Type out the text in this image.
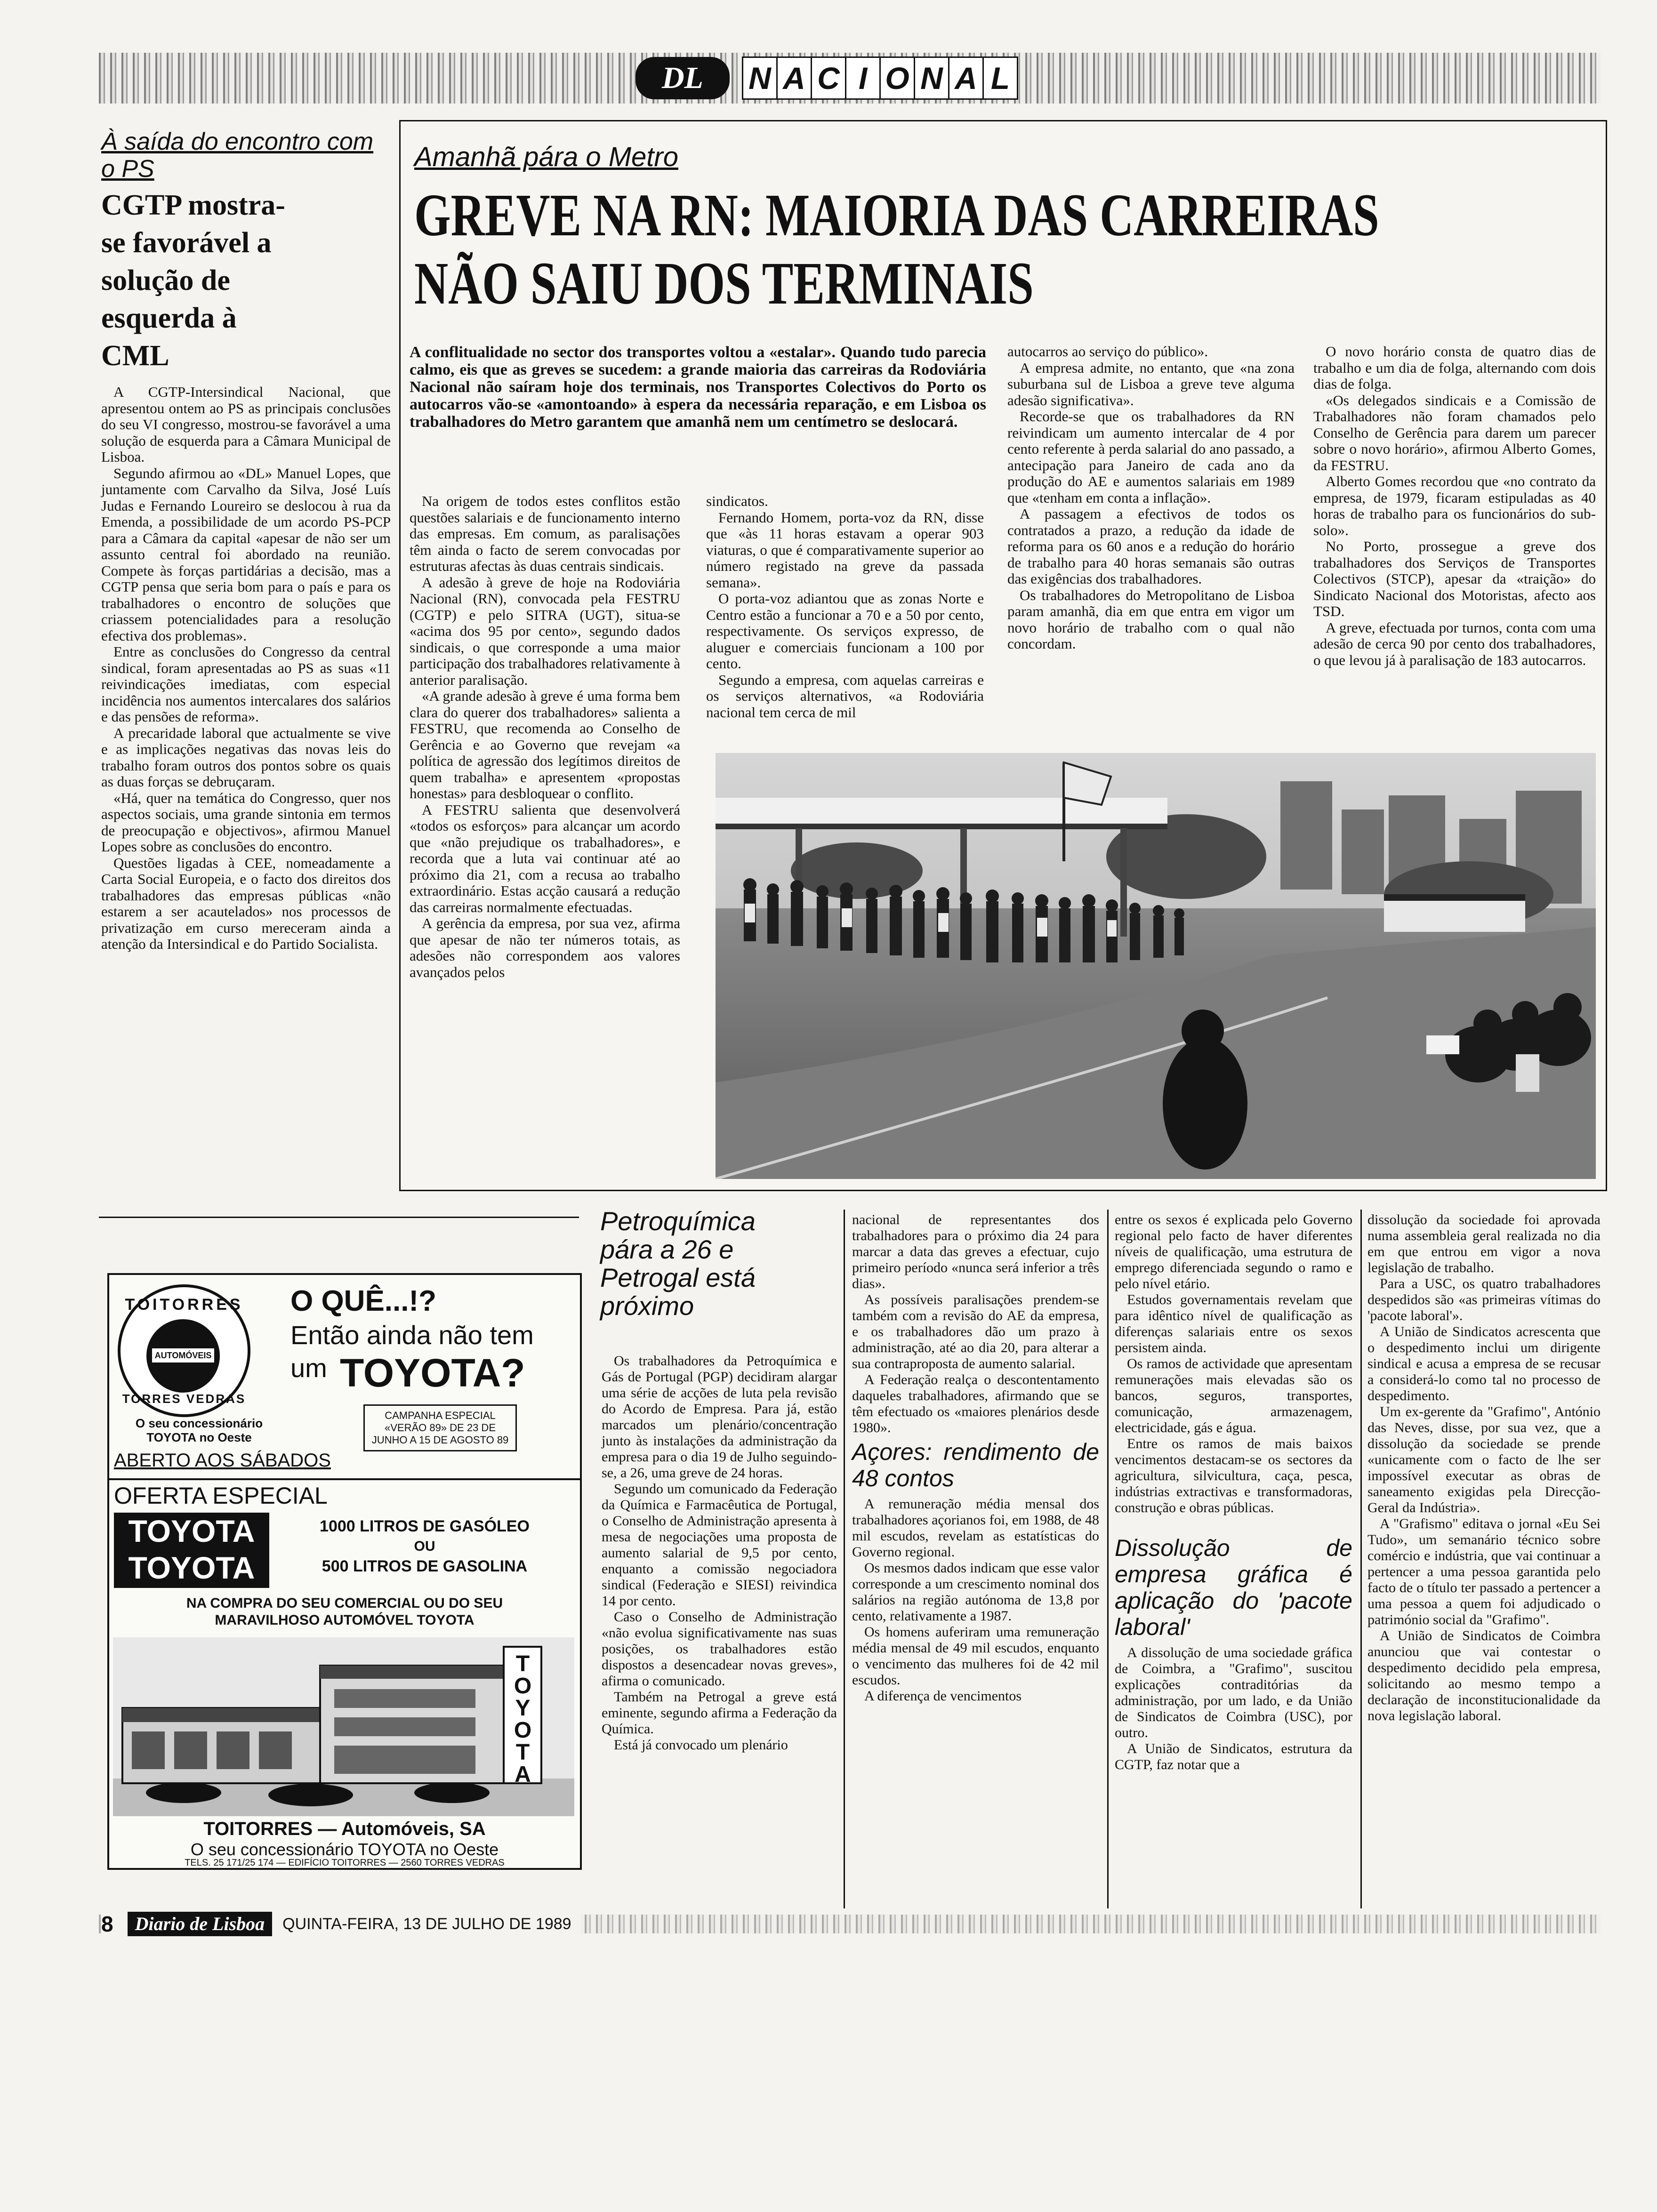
DL	N A C I O N A L
À saída do encontro com o PS
CGTP mostra-se favorável a solução de esquerda à CML

A CGTP-Intersindical Nacional, que apresentou ontem ao PS as principais conclusões do seu VI congresso, mostrou-se favorável a uma solução de esquerda para a Câmara Municipal de Lisboa.

Segundo afirmou ao «DL» Manuel Lopes, que juntamente com Carvalho da Silva, José Luís Judas e Fernando Loureiro se deslocou à rua da Emenda, a possibilidade de um acordo PS-PCP para a Câmara da capital «apesar de não ser um assunto central foi abordado na reunião. Compete às forças partidárias a decisão, mas a CGTP pensa que seria bom para o país e para os trabalhadores o encontro de soluções que criassem potencialidades para a resolução efectiva dos problemas».

Entre as conclusões do Congresso da central sindical, foram apresentadas ao PS as suas «11 reivindicações imediatas, com especial incidência nos aumentos intercalares dos salários e das pensões de reforma».

A precaridade laboral que actualmente se vive e as implicações negativas das novas leis do trabalho foram outros dos pontos sobre os quais as duas forças se debruçaram.

«Há, quer na temática do Congresso, quer nos aspectos sociais, uma grande sintonia em termos de preocupação e objectivos», afirmou Manuel Lopes sobre as conclusões do encontro.

Questões ligadas à CEE, nomeadamente a Carta Social Europeia, e o facto dos direitos dos trabalhadores das empresas públicas «não estarem a ser acautelados» nos processos de privatização em curso mereceram ainda a atenção da Intersindical e do Partido Socialista.

Amanhã pára o Metro
GREVE NA RN: MAIORIA DAS CARREIRAS
NÃO SAIU DOS TERMINAIS

A conflitualidade no sector dos transportes voltou a «estalar». Quando tudo parecia calmo, eis que as greves se sucedem: a grande maioria das carreiras da Rodoviária Nacional não saíram hoje dos terminais, nos Transportes Colectivos do Porto os autocarros vão-se «amontoando» à espera da necessária reparação, e em Lisboa os trabalhadores do Metro garantem que amanhã nem um centímetro se deslocará.

Na origem de todos estes conflitos estão questões salariais e de funcionamento interno das empresas. Em comum, as paralisações têm ainda o facto de serem convocadas por estruturas afectas às duas centrais sindicais.

A adesão à greve de hoje na Rodoviária Nacional (RN), convocada pela FESTRU (CGTP) e pelo SITRA (UGT), situa-se «acima dos 95 por cento», segundo dados sindicais, o que corresponde a uma maior participação dos trabalhadores relativamente à anterior paralisação.

«A grande adesão à greve é uma forma bem clara do querer dos trabalhadores» salienta a FESTRU, que recomenda ao Conselho de Gerência e ao Governo que revejam «a política de agressão dos legítimos direitos de quem trabalha» e apresentem «propostas honestas» para desbloquear o conflito.

A FESTRU salienta que desenvolverá «todos os esforços» para alcançar um acordo que «não prejudique os trabalhadores», e recorda que a luta vai continuar até ao próximo dia 21, com a recusa ao trabalho extraordinário. Estas acção causará a redução das carreiras normalmente efectuadas.

A gerência da empresa, por sua vez, afirma que apesar de não ter números totais, as adesões não correspondem aos valores avançados pelos

sindicatos.

Fernando Homem, porta-voz da RN, disse que «às 11 horas estavam a operar 903 viaturas, o que é comparativamente superior ao número registado na greve da passada semana».

O porta-voz adiantou que as zonas Norte e Centro estão a funcionar a 70 e a 50 por cento, respectivamente. Os serviços expresso, de aluguer e comerciais funcionam a 100 por cento.

Segundo a empresa, com aquelas carreiras e os serviços alternativos, «a Rodoviária nacional tem cerca de mil

autocarros ao serviço do público».

A empresa admite, no entanto, que «na zona suburbana sul de Lisboa a greve teve alguma adesão significativa».

Recorde-se que os trabalhadores da RN reivindicam um aumento intercalar de 4 por cento referente à perda salarial do ano passado, a antecipação para Janeiro de cada ano da produção do AE e aumentos salariais em 1989 que «tenham em conta a inflação».

A passagem a efectivos de todos os contratados a prazo, a redução da idade de reforma para os 60 anos e a redução do horário de trabalho para 40 horas semanais são outras das exigências dos trabalhadores.

Os trabalhadores do Metropolitano de Lisboa param amanhã, dia em que entra em vigor um novo horário de trabalho com o qual não concordam.

O novo horário consta de quatro dias de trabalho e um dia de folga, alternando com dois dias de folga.

«Os delegados sindicais e a Comissão de Trabalhadores não foram chamados pelo Conselho de Gerência para darem um parecer sobre o novo horário», afirmou Alberto Gomes, da FESTRU.

Alberto Gomes recordou que «no contrato da empresa, de 1979, ficaram estipuladas as 40 horas de trabalho para os funcionários do sub-solo».

No Porto, prossegue a greve dos trabalhadores dos Serviços de Transportes Colectivos (STCP), apesar da «traição» do Sindicato Nacional dos Motoristas, afecto aos TSD.

A greve, efectuada por turnos, conta com uma adesão de cerca 90 por cento dos trabalhadores, o que levou já à paralisação de 183 autocarros.

TOITORRES
AUTOMÓVEIS S.A.
TORRES VEDRAS
O QUÊ...!?
Então ainda não tem
um TOYOTA?
O seu concessionário TOYOTA no Oeste
ABERTO AOS SÁBADOS
CAMPANHA ESPECIAL «VERÃO 89» DE 23 DE JUNHO A 15 DE AGOSTO 89
OFERTA ESPECIAL
TOYOTA
TOYOTA
1000 LITROS DE GASÓLEO
OU
500 LITROS DE GASOLINA
NA COMPRA DO SEU COMERCIAL OU DO SEU MARAVILHOSO AUTOMÓVEL TOYOTA
TOYOTA
TOITORRES — Automóveis, SA
O seu concessionário TOYOTA no Oeste
TELS. 25 171/25 174 — EDIFÍCIO TOITORRES — 2560 TORRES VEDRAS
Petroquímica pára a 26 e Petrogal está próximo

Os trabalhadores da Petroquímica e Gás de Portugal (PGP) decidiram alargar uma série de acções de luta pela revisão do Acordo de Empresa. Para já, estão marcados um plenário/concentração junto às instalações da administração da empresa para o dia 19 de Julho seguindo-se, a 26, uma greve de 24 horas.

Segundo um comunicado da Federação da Química e Farmacêutica de Portugal, o Conselho de Administração apresenta à mesa de negociações uma proposta de aumento salarial de 9,5 por cento, enquanto a comissão negociadora sindical (Federação e SIESI) reivindica 14 por cento.

Caso o Conselho de Administração «não evolua significativamente nas suas posições, os trabalhadores estão dispostos a desencadear novas greves», afirma o comunicado.

Também na Petrogal a greve está eminente, segundo afirma a Federação da Química.

Está já convocado um plenário

nacional de representantes dos trabalhadores para o próximo dia 24 para marcar a data das greves a efectuar, cujo primeiro período «nunca será inferior a três dias».

As possíveis paralisações prendem-se também com a revisão do AE da empresa, e os trabalhadores dão um prazo à administração, até ao dia 20, para alterar a sua contraproposta de aumento salarial.

A Federação realça o descontentamento daqueles trabalhadores, afirmando que se têm efectuado os «maiores plenários desde 1980».

Açores: rendimento de 48 contos

A remuneração média mensal dos trabalhadores açorianos foi, em 1988, de 48 mil escudos, revelam as estatísticas do Governo regional.

Os mesmos dados indicam que esse valor corresponde a um crescimento nominal dos salários na região autónoma de 13,8 por cento, relativamente a 1987.

Os homens auferiram uma remuneração média mensal de 49 mil escudos, enquanto o vencimento das mulheres foi de 42 mil escudos.

A diferença de vencimentos

entre os sexos é explicada pelo Governo regional pelo facto de haver diferentes níveis de qualificação, uma estrutura de emprego diferenciada segundo o ramo e pelo nível etário.

Estudos governamentais revelam que para idêntico nível de qualificação as diferenças salariais entre os sexos persistem ainda.

Os ramos de actividade que apresentam remunerações mais elevadas são os bancos, seguros, transportes, comunicação, armazenagem, electricidade, gás e água.

Entre os ramos de mais baixos vencimentos destacam-se os sectores da agricultura, silvicultura, caça, pesca, indústrias extractivas e transformadoras, construção e obras públicas.

Dissolução de empresa gráfica é aplicação do 'pacote laboral'

A dissolução de uma sociedade gráfica de Coimbra, a "Grafimo", suscitou explicações contraditórias da administração, por um lado, e da União de Sindicatos de Coimbra (USC), por outro.

A União de Sindicatos, estrutura da CGTP, faz notar que a

dissolução da sociedade foi aprovada numa assembleia geral realizada no dia em que entrou em vigor a nova legislação de trabalho.

Para a USC, os quatro trabalhadores despedidos são «as primeiras vítimas do 'pacote laboral'».

A União de Sindicatos acrescenta que o despedimento inclui um dirigente sindical e acusa a empresa de se recusar a considerá-lo como tal no processo de despedimento.

Um ex-gerente da "Grafimo", António das Neves, disse, por sua vez, que a dissolução da sociedade se prende «unicamente com o facto de lhe ser impossível executar as obras de saneamento exigidas pela Direcção-Geral da Indústria».

A "Grafismo" editava o jornal «Eu Sei Tudo», um semanário técnico sobre comércio e indústria, que vai continuar a pertencer a uma pessoa garantida pelo facto de o título ter passado a pertencer a uma pessoa a quem foi adjudicado o património social da "Grafimo".

A União de Sindicatos de Coimbra anunciou que vai contestar o despedimento decidido pela empresa, solicitando ao mesmo tempo a declaração de inconstitucionalidade da nova legislação laboral.

8	Diario de Lisboa	QUINTA-FEIRA, 13 DE JULHO DE 1989
